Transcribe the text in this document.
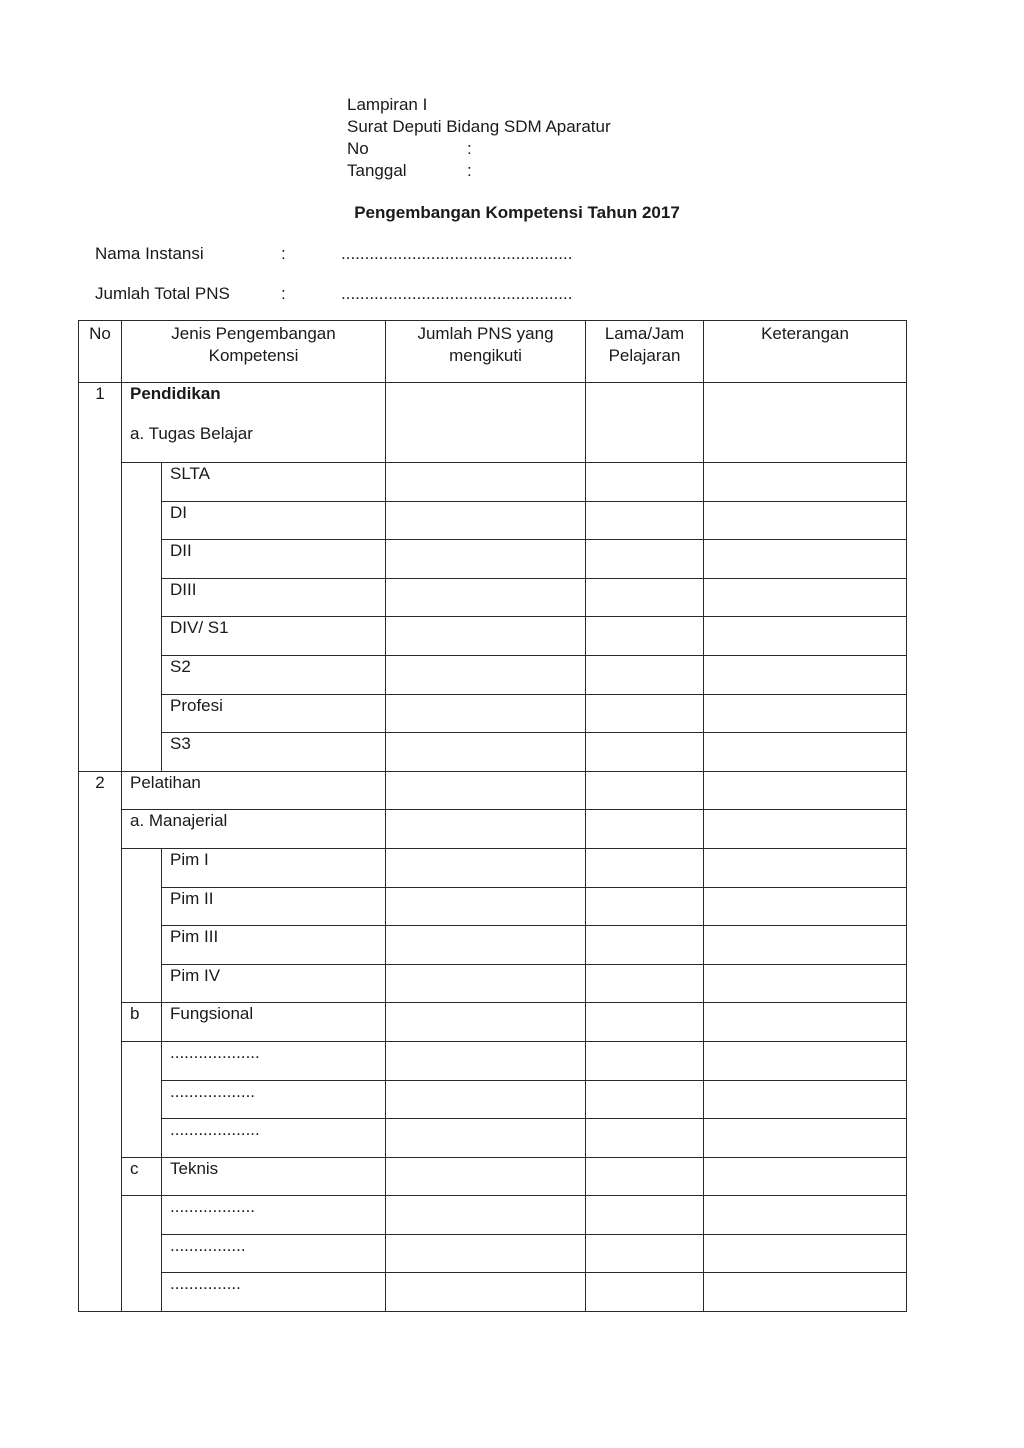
Lampiran I
Surat Deputi Bidang SDM Aparatur
No	:
Tanggal	:
Pengembangan Kompetensi Tahun 2017
Nama Instansi	:	.................................................
Jumlah Total PNS	:	.................................................
No	Jenis Pengembangan Kompetensi		Jumlah PNS yang mengikuti	Lama/Jam Pelajaran	Keterangan
1	Pendidikan
a. Tugas Belajar				

		SLTA			
		DI			
		DII			
		DIII			
		DIV/ S1			
		S2			
		Profesi			
		S3			
2	Pelatihan				
	a. Manajerial				
		Pim I			
		Pim II			
		Pim III			
		Pim IV			
	b	Fungsional			
		...................			
		..................			
		...................			
	c	Teknis			
		..................			
		................			
		...............			
